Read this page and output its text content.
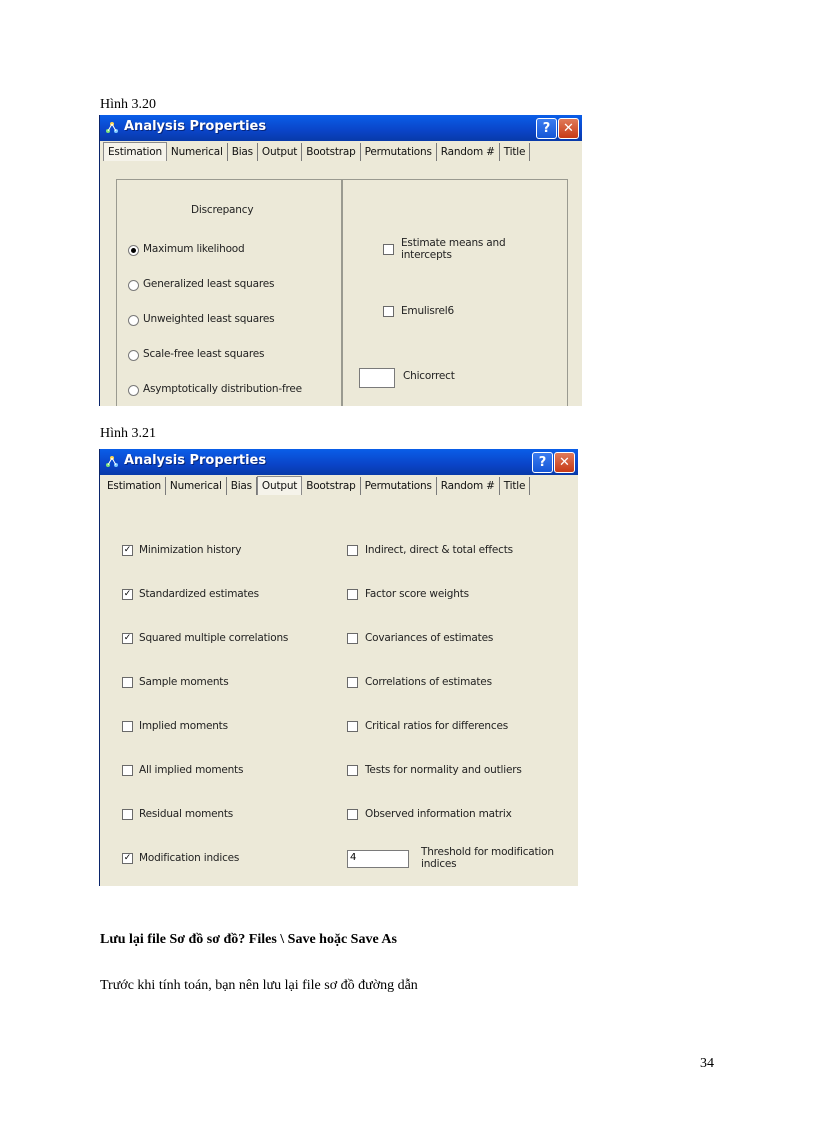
Hình 3.20
Analysis Properties	? ✕
Estimation Numerical Bias Output Bootstrap Permutations Random # Title
Discrepancy
Maximum likelihood
Generalized least squares
Unweighted least squares
Scale-free least squares
Asymptotically distribution-free
Estimate means and
intercepts
Emulisrel6
Chicorrect
Hình 3.21
Analysis Properties	? ✕
Estimation Numerical Bias Output Bootstrap Permutations Random # Title
✓ Minimization history
✓ Standardized estimates
✓ Squared multiple correlations
Sample moments
Implied moments
All implied moments
Residual moments
✓ Modification indices
Indirect, direct & total effects
Factor score weights
Covariances of estimates
Correlations of estimates
Critical ratios for differences
Tests for normality and outliers
Observed information matrix
4	Threshold for modification
indices
Lưu lại file Sơ đồ sơ đồ? Files \ Save hoặc Save As
Trước khi tính toán, bạn nên lưu lại file sơ đồ đường dẫn
34
